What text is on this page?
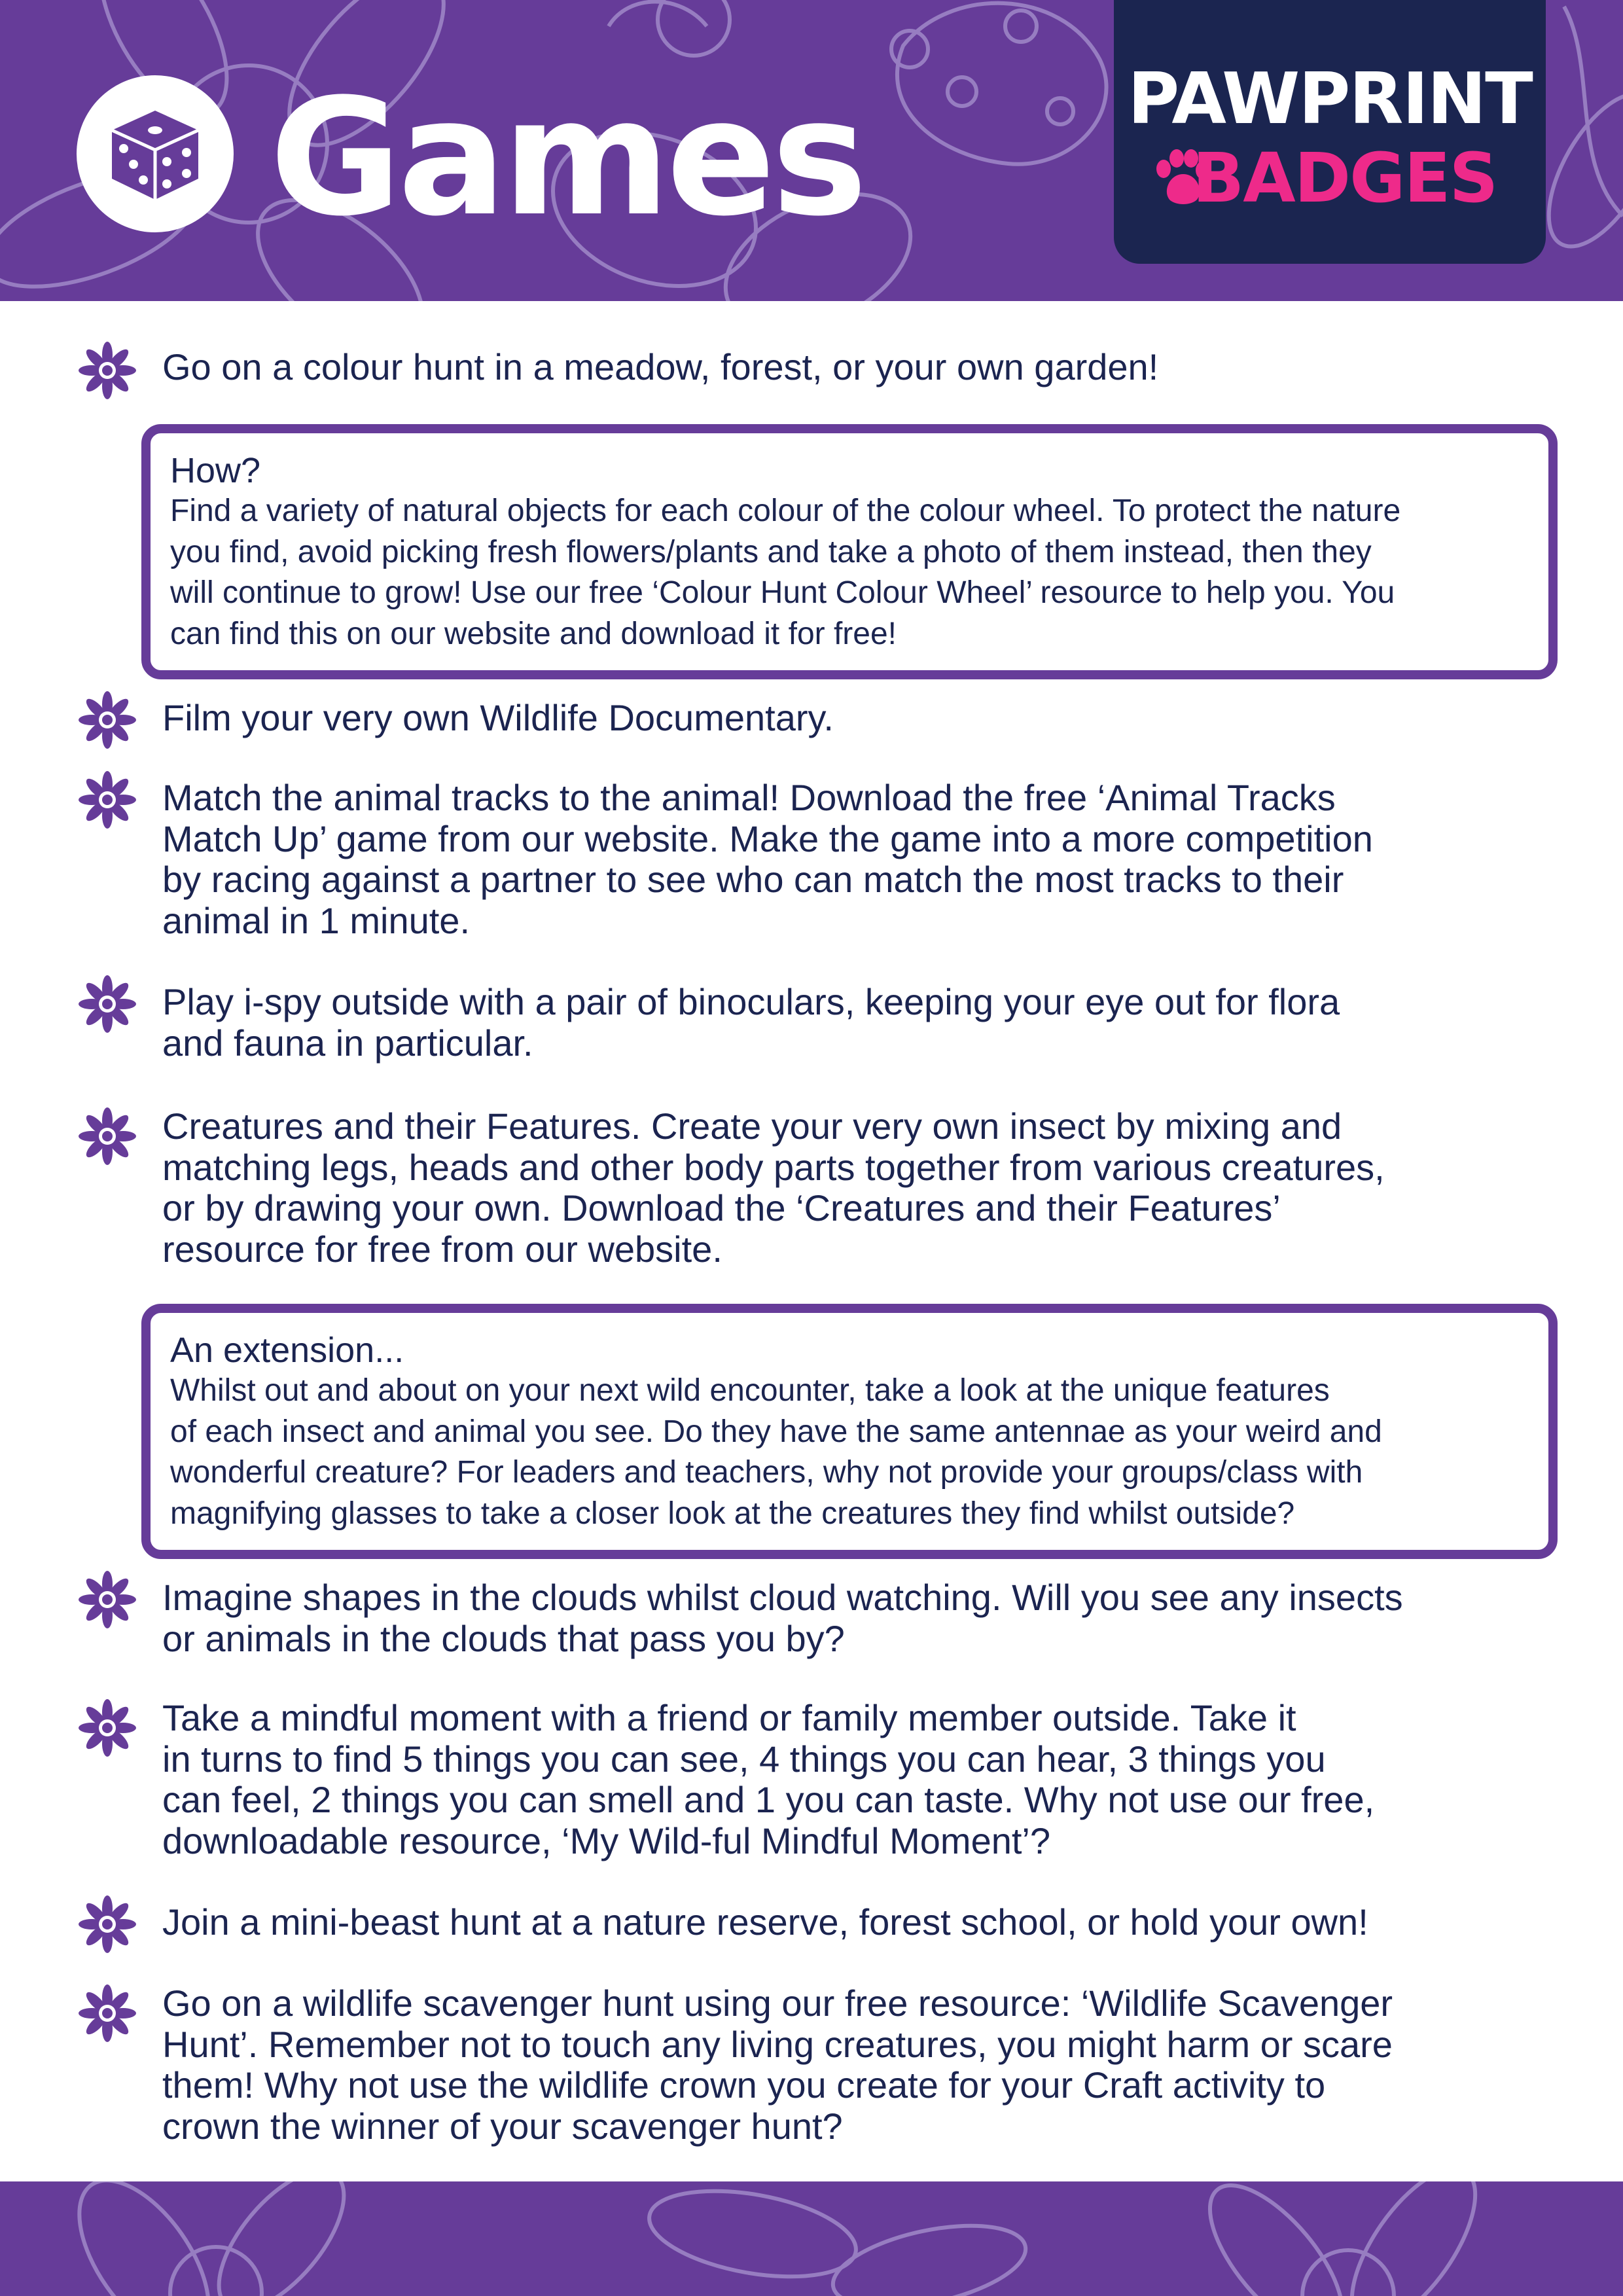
Games	PAWPRINT
BADGES

Go on a colour hunt in a meadow, forest, or your own garden!

How?

Find a variety of natural objects for each colour of the colour wheel. To protect the nature
you find, avoid picking fresh flowers/plants and take a photo of them instead, then they
will continue to grow! Use our free ‘Colour Hunt Colour Wheel’ resource to help you. You
can find this on our website and download it for free!

Film your very own Wildlife Documentary.

Match the animal tracks to the animal! Download the free ‘Animal Tracks
Match Up’ game from our website. Make the game into a more competition
by racing against a partner to see who can match the most tracks to their
animal in 1 minute.

Play i-spy outside with a pair of binoculars, keeping your eye out for flora
and fauna in particular.

Creatures and their Features. Create your very own insect by mixing and
matching legs, heads and other body parts together from various creatures,
or by drawing your own. Download the ‘Creatures and their Features’
resource for free from our website.

An extension...

Whilst out and about on your next wild encounter, take a look at the unique features
of each insect and animal you see. Do they have the same antennae as your weird and
wonderful creature? For leaders and teachers, why not provide your groups/class with
magnifying glasses to take a closer look at the creatures they find whilst outside?

Imagine shapes in the clouds whilst cloud watching. Will you see any insects
or animals in the clouds that pass you by?

Take a mindful moment with a friend or family member outside. Take it
in turns to find 5 things you can see, 4 things you can hear, 3 things you
can feel, 2 things you can smell and 1 you can taste. Why not use our free,
downloadable resource, ‘My Wild-ful Mindful Moment’?

Join a mini-beast hunt at a nature reserve, forest school, or hold your own!

Go on a wildlife scavenger hunt using our free resource: ‘Wildlife Scavenger
Hunt’. Remember not to touch any living creatures, you might harm or scare
them! Why not use the wildlife crown you create for your Craft activity to
crown the winner of your scavenger hunt?
